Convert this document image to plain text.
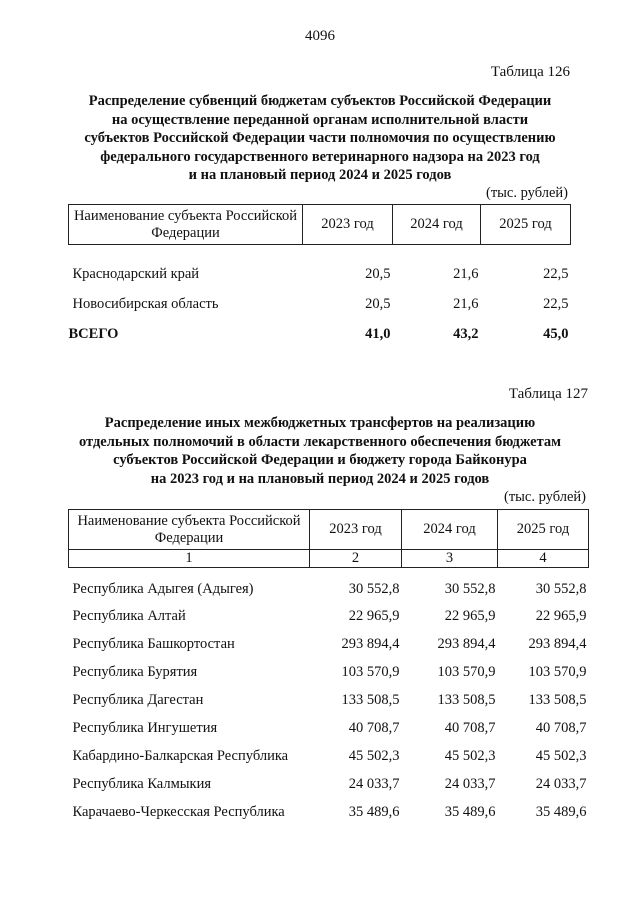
4096
Таблица 126
Распределение субвенций бюджетам субъектов Российской Федерации
на осуществление переданной органам исполнительной власти
субъектов Российской Федерации части полномочия по осуществлению
федерального государственного ветеринарного надзора на 2023 год
и на плановый период 2024 и 2025 годов
(тыс. рублей)
Наименование субъекта Российской Федерации	2023 год	2024 год	2025 год
Краснодарский край	20,5	21,6	22,5
Новосибирская область	20,5	21,6	22,5
ВСЕГО	41,0	43,2	45,0
Таблица 127
Распределение иных межбюджетных трансфертов на реализацию
отдельных полномочий в области лекарственного обеспечения бюджетам
субъектов Российской Федерации и бюджету города Байконура
на 2023 год и на плановый период 2024 и 2025 годов
(тыс. рублей)
Наименование субъекта Российской Федерации	2023 год	2024 год	2025 год
1	2	3	4
Республика Адыгея (Адыгея)	30 552,8	30 552,8	30 552,8
Республика Алтай	22 965,9	22 965,9	22 965,9
Республика Башкортостан	293 894,4	293 894,4	293 894,4
Республика Бурятия	103 570,9	103 570,9	103 570,9
Республика Дагестан	133 508,5	133 508,5	133 508,5
Республика Ингушетия	40 708,7	40 708,7	40 708,7
Кабардино-Балкарская Республика	45 502,3	45 502,3	45 502,3
Республика Калмыкия	24 033,7	24 033,7	24 033,7
Карачаево-Черкесская Республика	35 489,6	35 489,6	35 489,6
